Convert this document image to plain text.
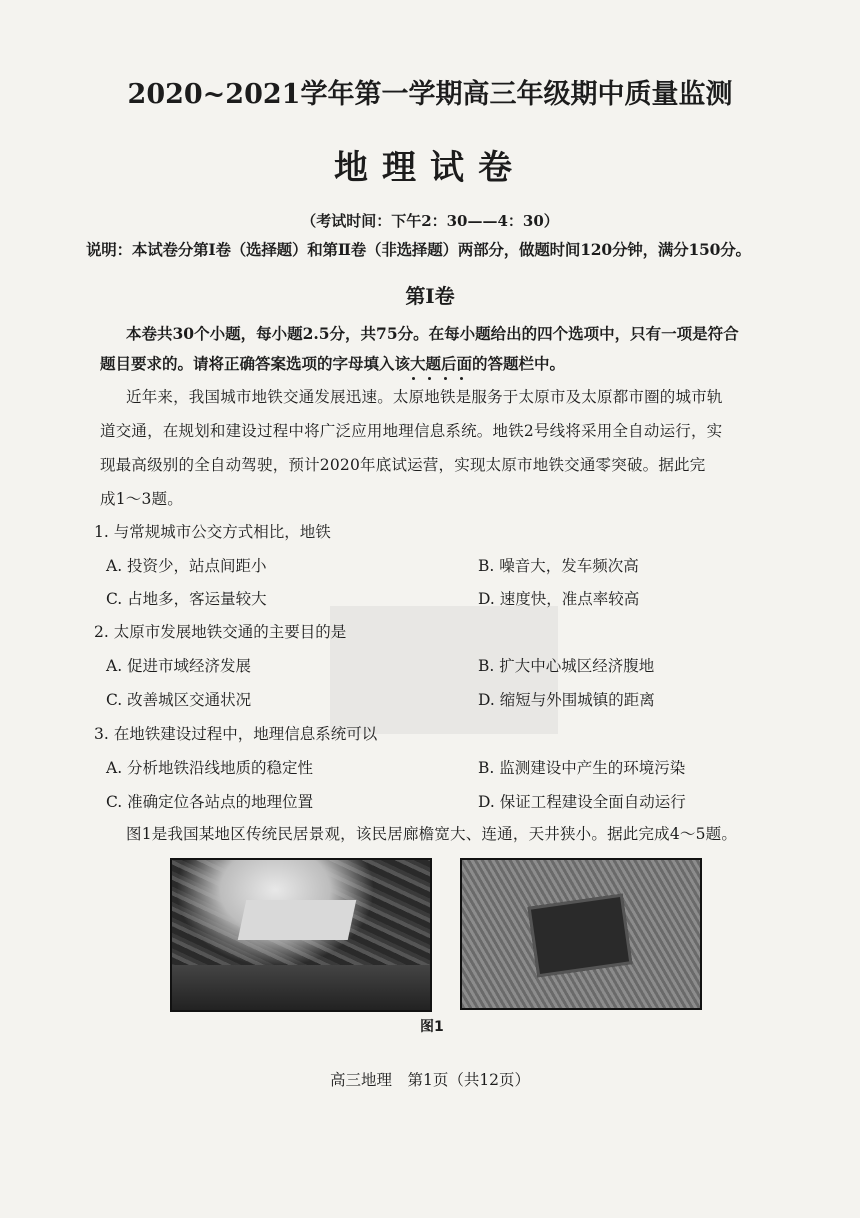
2020~2021学年第一学期高三年级期中质量监测
地理试卷
（考试时间：下午2：30——4：30）
说明：本试卷分第Ⅰ卷（选择题）和第Ⅱ卷（非选择题）两部分，做题时间120分钟，满分150分。
第Ⅰ卷
本卷共30个小题，每小题2.5分，共75分。在每小题给出的四个选项中，只有一项是符合
题目要求的。请将正确答案选项的字母填入该大题后面的答题栏中。
近年来，我国城市地铁交通发展迅速。太原地铁是服务于太原市及太原都市圈的城市轨
道交通，在规划和建设过程中将广泛应用地理信息系统。地铁2号线将采用全自动运行，实
现最高级别的全自动驾驶，预计2020年底试运营，实现太原市地铁交通零突破。据此完
成1～3题。
1. 与常规城市公交方式相比，地铁
A. 投资少，站点间距小	B. 噪音大，发车频次高
C. 占地多，客运量较大	D. 速度快，准点率较高
2. 太原市发展地铁交通的主要目的是
A. 促进市域经济发展	B. 扩大中心城区经济腹地
C. 改善城区交通状况	D. 缩短与外围城镇的距离
3. 在地铁建设过程中，地理信息系统可以
A. 分析地铁沿线地质的稳定性	B. 监测建设中产生的环境污染
C. 准确定位各站点的地理位置	D. 保证工程建设全面自动运行
图1是我国某地区传统民居景观，该民居廊檐宽大、连通，天井狭小。据此完成4～5题。
图1
高三地理　第1页（共12页）
